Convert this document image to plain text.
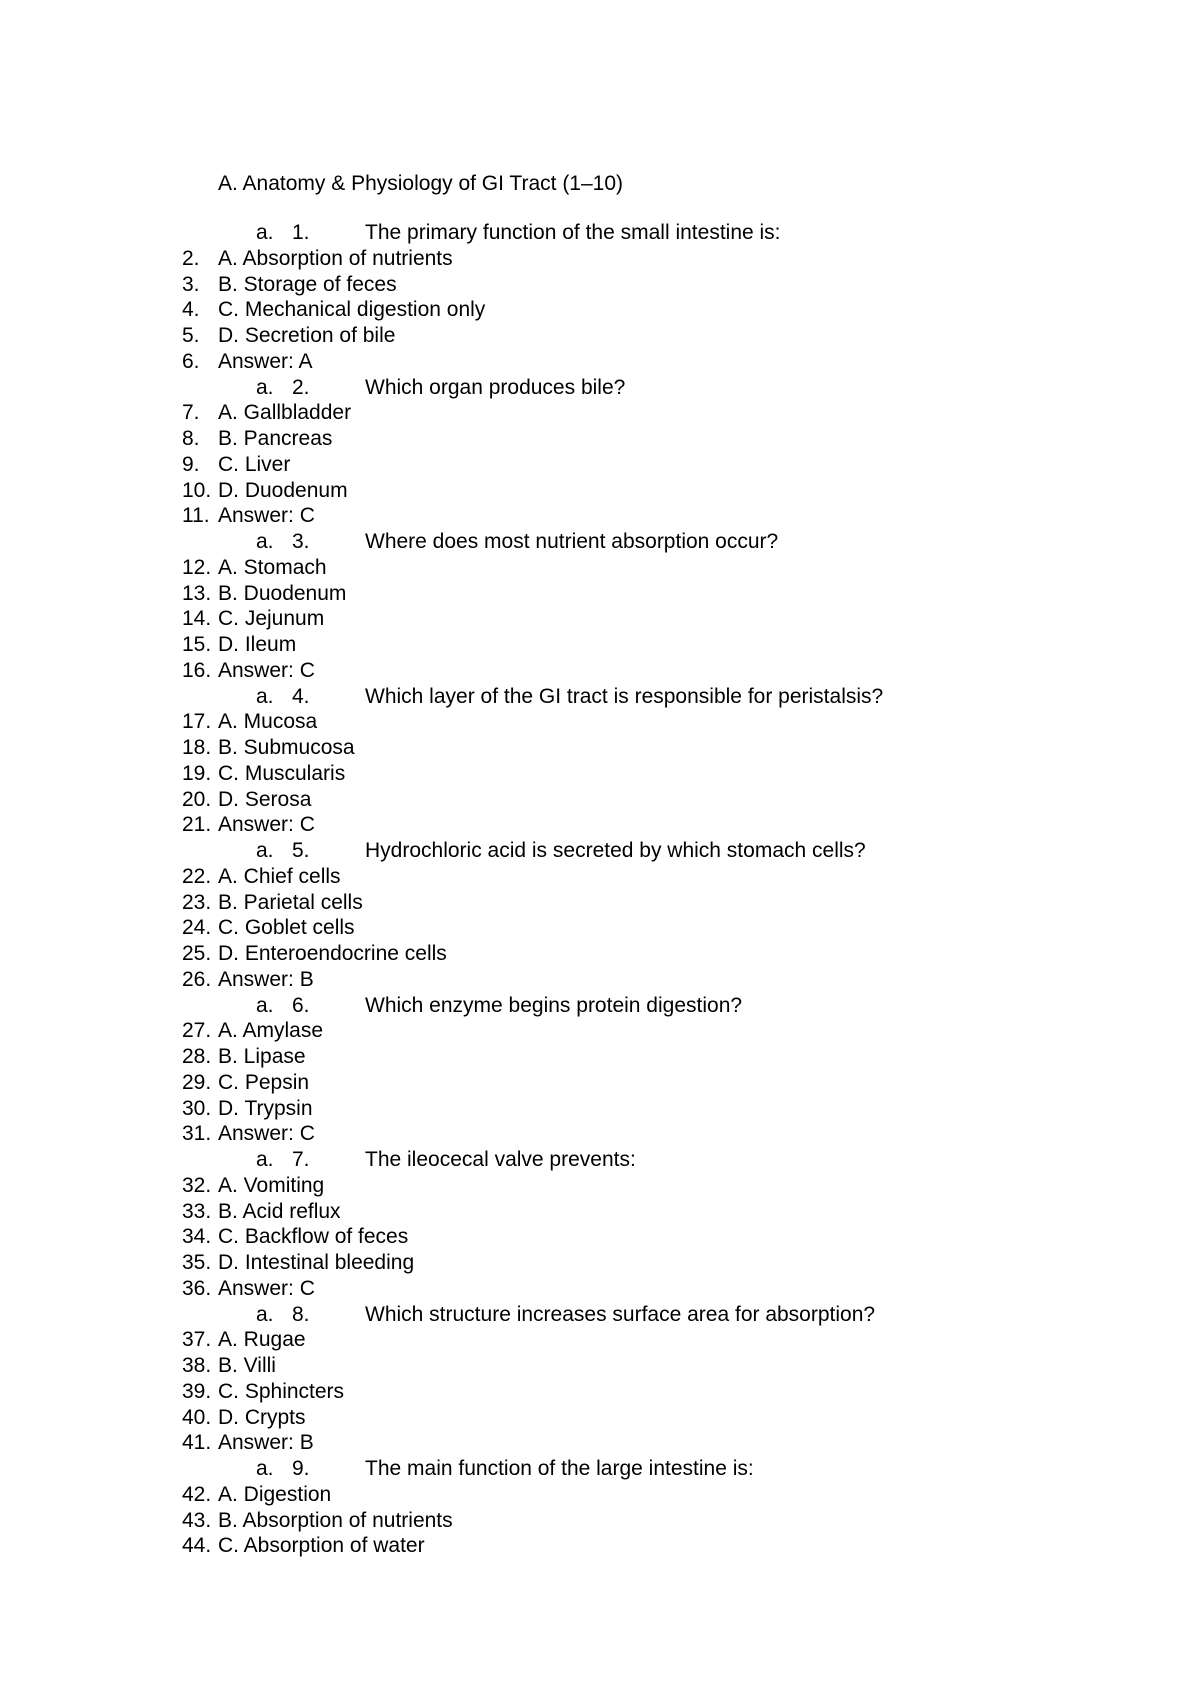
A. Anatomy & Physiology of GI Tract (1–10)
a. 1.	The primary function of the small intestine is:
2. A. Absorption of nutrients
3. B. Storage of feces
4. C. Mechanical digestion only
5. D. Secretion of bile
6. Answer: A
a. 2.	Which organ produces bile?
7. A. Gallbladder
8. B. Pancreas
9. C. Liver
10. D. Duodenum
11. Answer: C
a. 3.	Where does most nutrient absorption occur?
12. A. Stomach
13. B. Duodenum
14. C. Jejunum
15. D. Ileum
16. Answer: C
a. 4.	Which layer of the GI tract is responsible for peristalsis?
17. A. Mucosa
18. B. Submucosa
19. C. Muscularis
20. D. Serosa
21. Answer: C
a. 5.	Hydrochloric acid is secreted by which stomach cells?
22. A. Chief cells
23. B. Parietal cells
24. C. Goblet cells
25. D. Enteroendocrine cells
26. Answer: B
a. 6.	Which enzyme begins protein digestion?
27. A. Amylase
28. B. Lipase
29. C. Pepsin
30. D. Trypsin
31. Answer: C
a. 7.	The ileocecal valve prevents:
32. A. Vomiting
33. B. Acid reflux
34. C. Backflow of feces
35. D. Intestinal bleeding
36. Answer: C
a. 8.	Which structure increases surface area for absorption?
37. A. Rugae
38. B. Villi
39. C. Sphincters
40. D. Crypts
41. Answer: B
a. 9.	The main function of the large intestine is:
42. A. Digestion
43. B. Absorption of nutrients
44. C. Absorption of water
